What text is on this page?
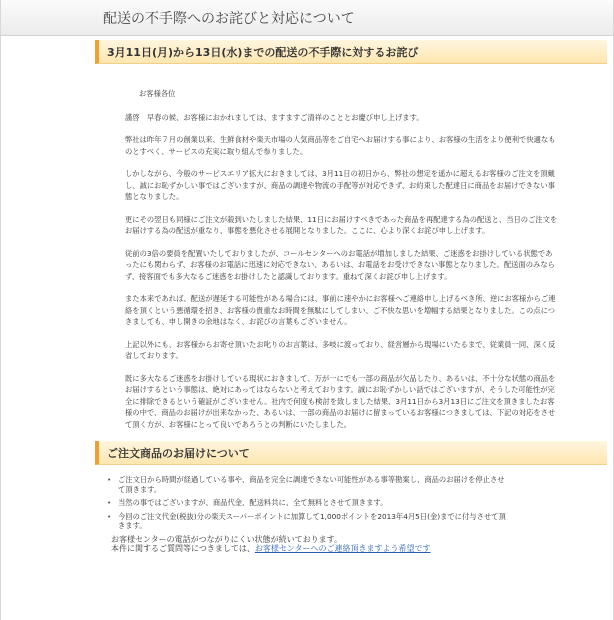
配送の不手際へのお詫びと対応について
3月11日(月)から13日(水)までの配送の不手際に対するお詫び

お客様各位

謹啓　早春の候、お客様におかれましては、ますますご清祥のこととお慶び申し上げます。

弊社は昨年７月の創業以来、生鮮食材や楽天市場の人気商品等をご自宅へお届けする事により、お客様の生活をより便利で快適なものとすべく、サービスの充実に取り組んで参りました。

しかしながら、今般のサービスエリア拡大におきましては、3月11日の初日から、弊社の想定を遥かに超えるお客様のご注文を頂戴し、誠にお恥ずかしい事ではございますが、商品の調達や物流の手配等が対応できず、お約束した配達日に商品をお届けできない事態となりました。

更にその翌日も同様にご注文が殺到いたしました結果、11日にお届けすべきであった商品を再配達する為の配送と、当日のご注文をお届けする為の配送が重なり、事態を悪化させる展開となりました。ここに、心より深くお詫び申し上げます。

従前の3倍の要員を配置いたしておりましたが、コールセンターへのお電話が増加しました結果、ご迷惑をお掛けしている状態であったにも関わらず、お客様のお電話に迅速に対応できない、あるいは、お電話をお受けできない事態となりました。配送面のみならず、接客面でも多大なるご迷惑をお掛けしたと認識しております。重ねて深くお詫び申し上げます。

また本来であれば、配送が遅延する可能性がある場合には、事前に速やかにお客様へご連絡申し上げるべき所、逆にお客様からご連絡を頂くという悪循環を招き、お客様の貴重なお時間を無駄にしてしまい、ご不快な思いを増幅する結果となりました。この点につきましても、申し開きの余地はなく、お詫びの言葉もございません。

上記以外にも、お客様からお寄せ頂いたお叱りのお言葉は、多岐に渡っており、経営層から現場にいたるまで、従業員一同、深く反省しております。

既に多大なるご迷惑をお掛けしている現状におきまして、万が一にでも一部の商品が欠品したり、あるいは、不十分な状態の商品をお届けするという事態は、絶対にあってはならないと考えております。誠にお恥ずかしい話ではございますが、そうした可能性が完全に排除できるという確証がございません。社内で何度も検討を致しました結果、3月11日から3月13日にご注文を頂きましたお客様の中で、商品のお届けが出来なかった、あるいは、一部の商品のお届けに留まっているお客様につきましては、下記の対応をさせて頂く方が、お客様にとって良いであろうとの判断にいたしました。

ご注文商品のお届けについて
• ご注文日から時間が経過している事や、商品を完全に調達できない可能性がある事等勘案し、商品のお届けを停止させて頂きます。
• 当然の事ではございますが、商品代金、配送料共に、全て無料とさせて頂きます。
• 今回のご注文代金(税抜)分の楽天スーパーポイントに加算して1,000ポイントを2013年4月5日(金)までに付与させて頂きます。

お客様センターの電話がつながりにくい状態が続いております。

本件に関するご質問等につきましては、お客様センターへのご連絡頂きますよう希望です
